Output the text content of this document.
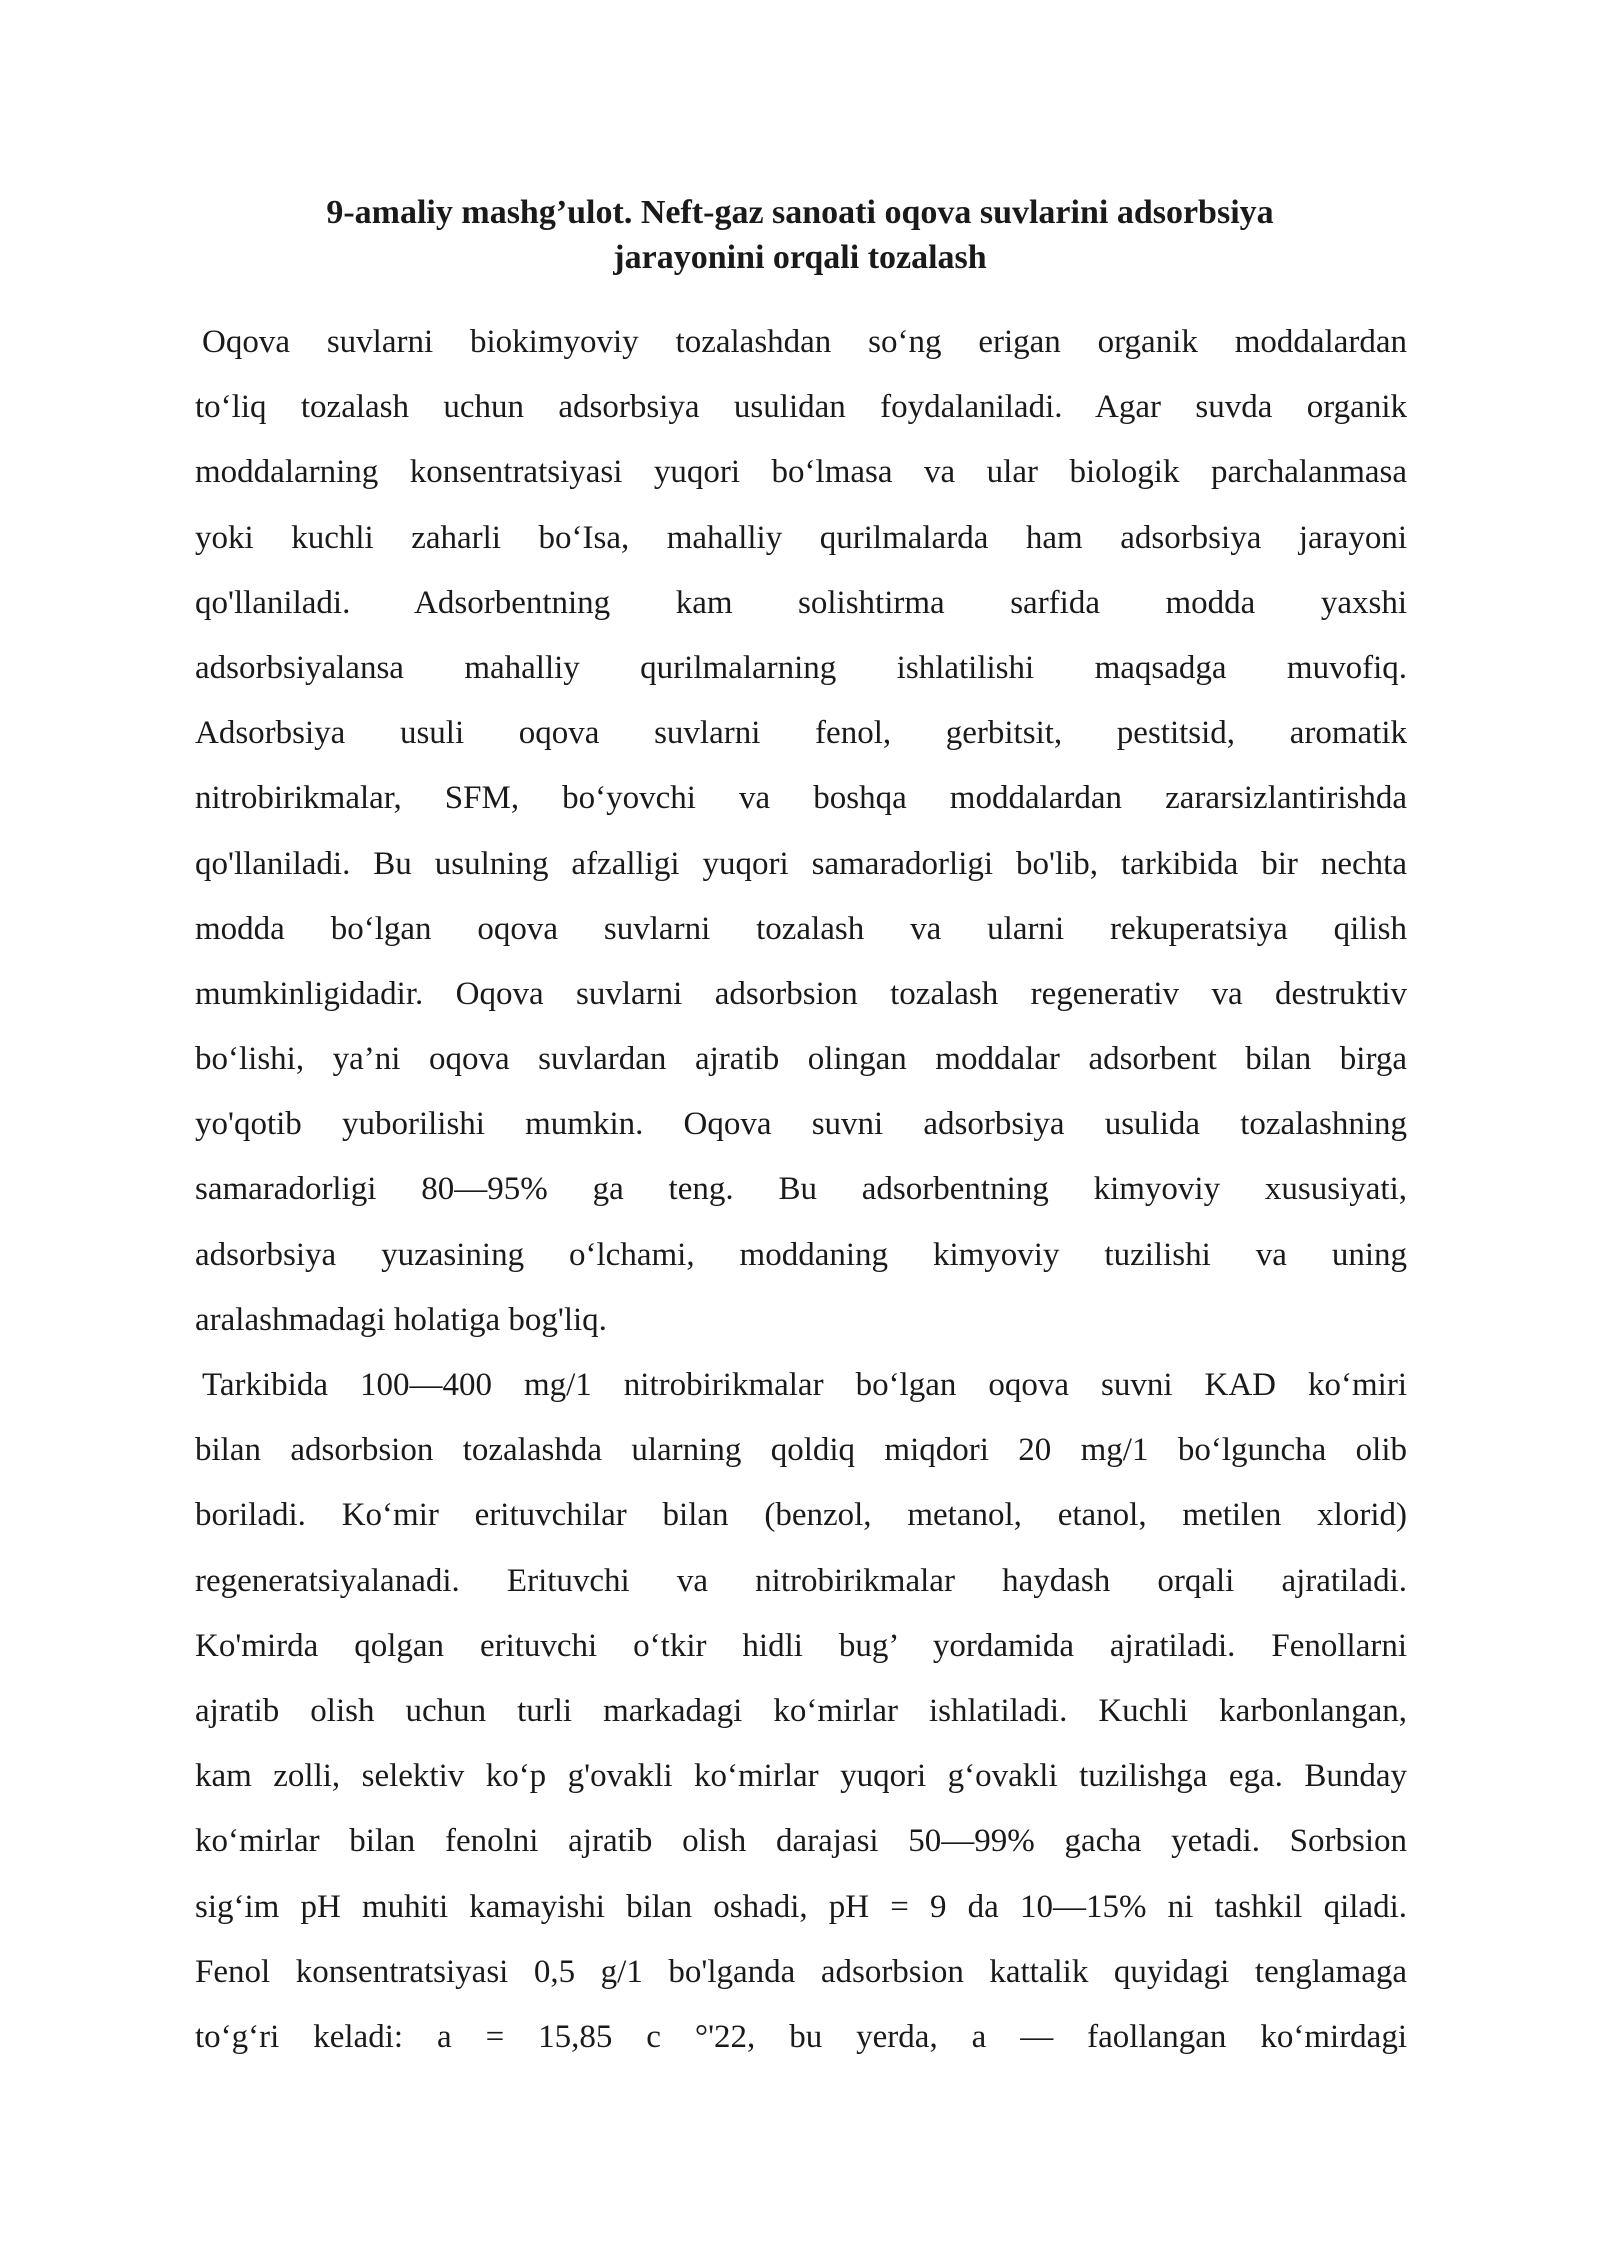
9-amaliy mashg’ulot. Neft-gaz sanoati oqova suvlarini adsorbsiya
jarayonini orqali tozalash
Oqova suvlarni biokimyoviy tozalashdan so‘ng erigan organik moddalardan
to‘liq tozalash uchun adsorbsiya usulidan foydalaniladi. Agar suvda organik
moddalarning konsentratsiyasi yuqori bo‘lmasa va ular biologik parchalanmasa
yoki kuchli zaharli bo‘Isa, mahalliy qurilmalarda ham adsorbsiya jarayoni
qo'llaniladi. Adsorbentning kam solishtirma sarfida modda yaxshi
adsorbsiyalansa mahalliy qurilmalarning ishlatilishi maqsadga muvofiq.
Adsorbsiya usuli oqova suvlarni fenol, gerbitsit, pestitsid, aromatik
nitrobirikmalar, SFM, bo‘yovchi va boshqa moddalardan zararsizlantirishda
qo'llaniladi. Bu usulning afzalligi yuqori samaradorligi bo'lib, tarkibida bir nechta
modda bo‘lgan oqova suvlarni tozalash va ularni rekuperatsiya qilish
mumkinligidadir. Oqova suvlarni adsorbsion tozalash regenerativ va destruktiv
bo‘lishi, ya’ni oqova suvlardan ajratib olingan moddalar adsorbent bilan birga
yo'qotib yuborilishi mumkin. Oqova suvni adsorbsiya usulida tozalashning
samaradorligi 80—95% ga teng. Bu adsorbentning kimyoviy xususiyati,
adsorbsiya yuzasining o‘lchami, moddaning kimyoviy tuzilishi va uning
aralashmadagi holatiga bog'liq.
Tarkibida 100—400 mg/1 nitrobirikmalar bo‘lgan oqova suvni KAD ko‘miri
bilan adsorbsion tozalashda ularning qoldiq miqdori 20 mg/1 bo‘lguncha olib
boriladi. Ko‘mir erituvchilar bilan (benzol, metanol, etanol, metilen xlorid)
regeneratsiyalanadi. Erituvchi va nitrobirikmalar haydash orqali ajratiladi.
Ko'mirda qolgan erituvchi o‘tkir hidli bug’ yordamida ajratiladi. Fenollarni
ajratib olish uchun turli markadagi ko‘mirlar ishlatiladi. Kuchli karbonlangan,
kam zolli, selektiv ko‘p g'ovakli ko‘mirlar yuqori g‘ovakli tuzilishga ega. Bunday
ko‘mirlar bilan fenolni ajratib olish darajasi 50—99% gacha yetadi. Sorbsion
sig‘im pH muhiti kamayishi bilan oshadi, pH = 9 da 10—15% ni tashkil qiladi.
Fenol konsentratsiyasi 0,5 g/1 bo'lganda adsorbsion kattalik quyidagi tenglamaga
to‘g‘ri keladi: a = 15,85 c °'22, bu yerda, a — faollangan ko‘mirdagi
